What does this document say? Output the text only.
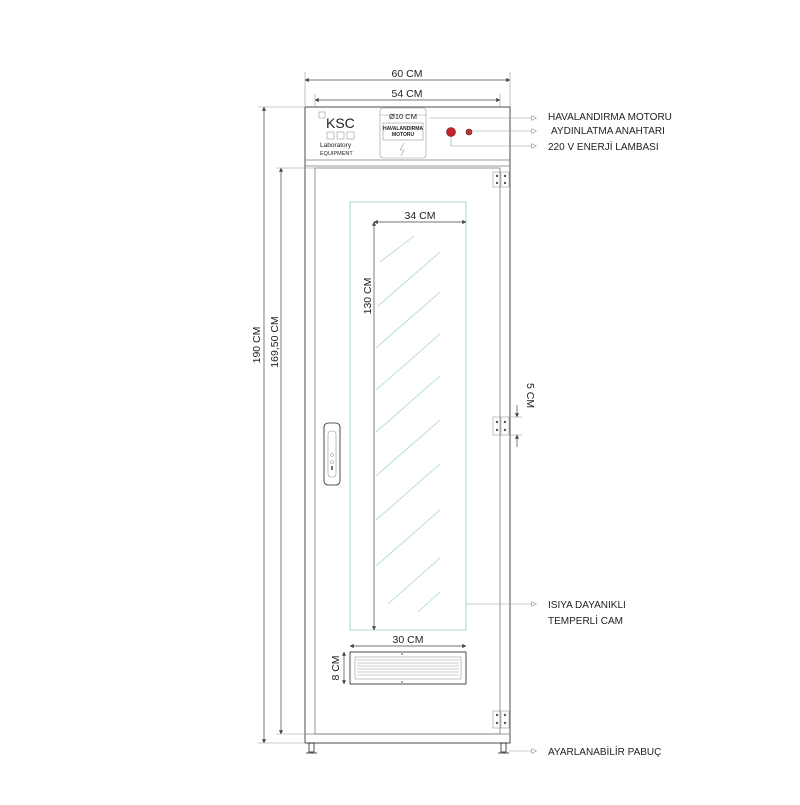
KSC
Laboratory
EQUIPMENT
HAVALANDIRMA
MOTORU
Ø10 CM
60 CM
54 CM
HAVALANDIRMA MOTORU
AYDINLATMA ANAHTARI
220 V ENERJİ LAMBASI
5 CM
34 CM
130 CM
ISIYA DAYANIKLI
TEMPERLİ CAM
30 CM
8 CM
190 CM 169,50 CM
AYARLANABİLİR PABUÇ
